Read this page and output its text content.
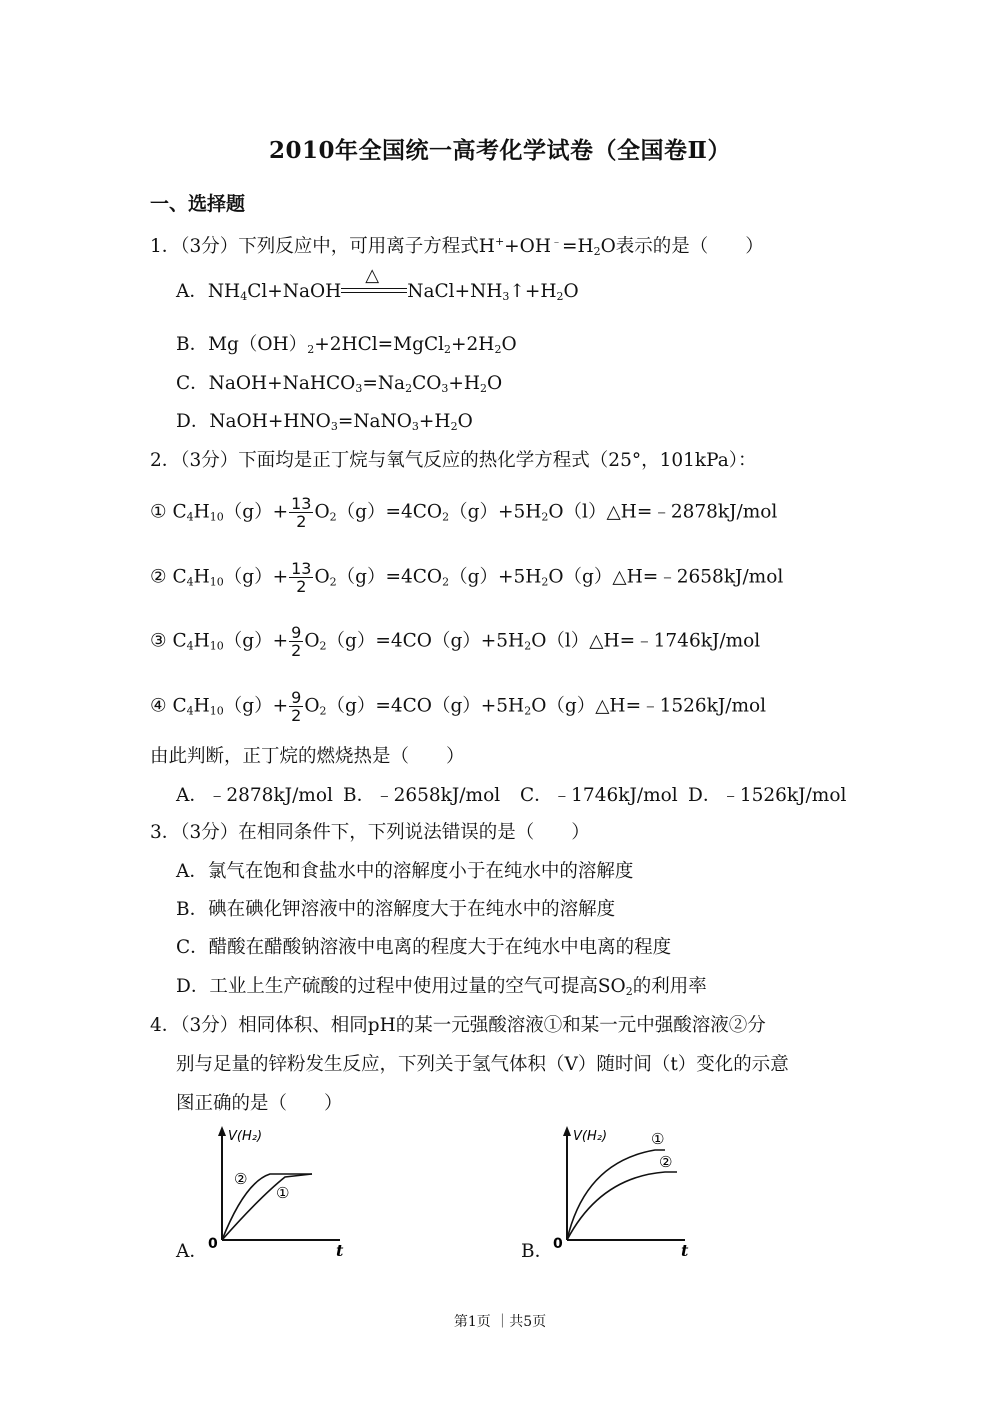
2010年全国统一高考化学试卷（全国卷Ⅱ）
一、选择题
1．（3分）下列反应中，可用离子方程式$H^++OH^﹣=H_2O$表示的是（　　）
A．$NH_4Cl+NaOH$
△
$NaCl+NH_3↑+H_2O$
B．$Mg(OH)_2+2HCl=MgCl_2+2H_2O$
C．$NaOH+NaHCO_3=Na_2CO_3+H_2O$
D．$NaOH+HNO_3=NaNO_3+H_2O$
2．（3分）下面均是正丁烷与氧气反应的热化学方程式（25°，101kPa）：
① $C_4H_{10}(g)+ \frac{13}{2}$ $O_2(g)=4CO_2(g)+5H_2O(l)\triangle H=﹣2878kJ$/mol
② $C_4H_{10}(g)+ \frac{13}{2}$ $O_2(g)=4CO_2(g)+5H_2O(g)\triangle H=﹣2658kJ$/mol
③ $C_4H_{10}(g)+ \frac{9}{2}$ $O_2(g)=4CO(g)+5H_2O(l)\triangle H=﹣1746kJ$/mol
④ $C_4H_{10}(g)+ \frac{9}{2}$ $O_2(g)=4CO(g)+5H_2O(g)\triangle H=﹣1526kJ$/mol
由此判断，正丁烷的燃烧热是（　　）
A．﹣2878kJ/mol B．﹣2658kJ/mol C．﹣1746kJ/mol D．﹣1526kJ/mol
3．（3分）在相同条件下，下列说法错误的是（　　）
A．氯气在饱和食盐水中的溶解度小于在纯水中的溶解度
B．碘在碘化钾溶液中的溶解度大于在纯水中的溶解度
C．醋酸在醋酸钠溶液中电离的程度大于在纯水中电离的程度
D．工业上生产硫酸的过程中使用过量的空气可提高$SO_2$的利用率
4．（3分）相同体积、相同pH的某一元强酸溶液①和某一元中强酸溶液②分
别与足量的锌粉发生反应，下列关于氢气体积（V）随时间（t）变化的示意
图正确的是（　　）
A．
V(H₂)
t
0
②
①
B．
V(H₂)
t
0
①
②
第1页 ｜共5页
